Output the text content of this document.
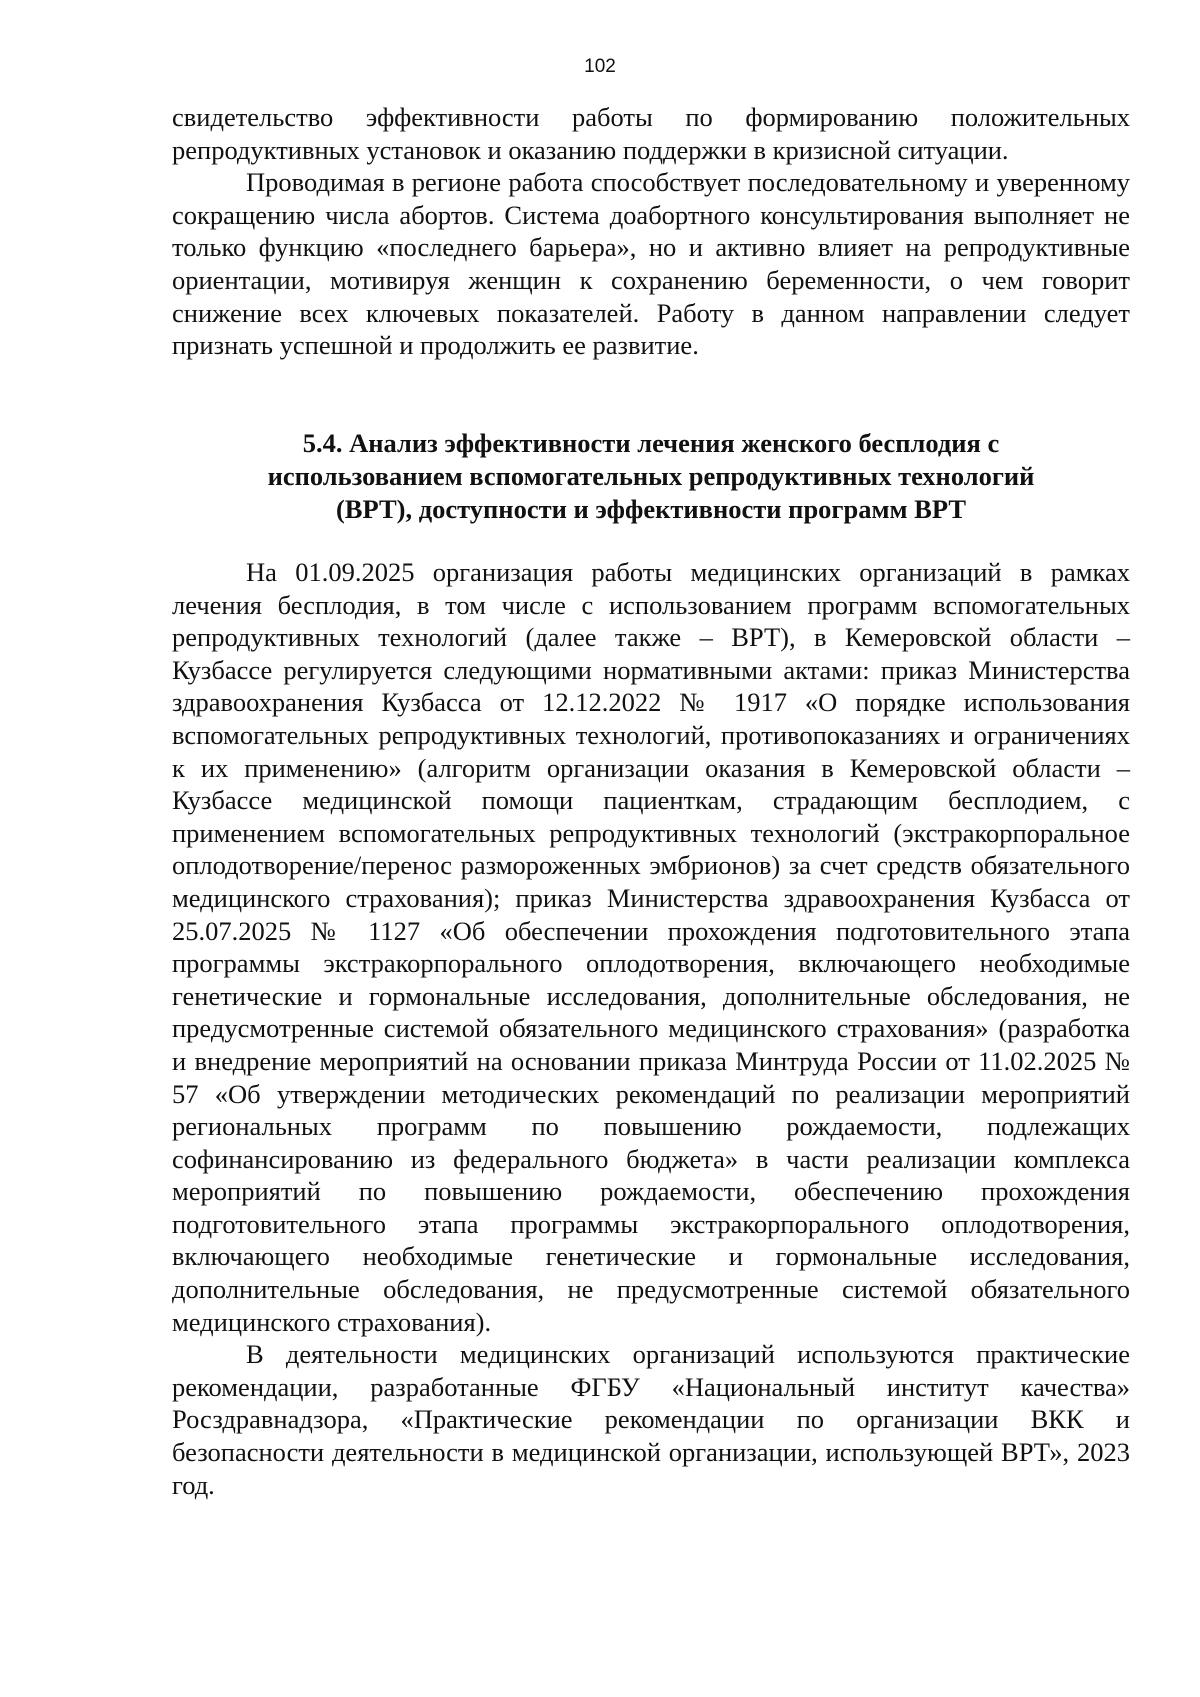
102

свидетельство эффективности работы по формированию положительных репродуктивных установок и оказанию поддержки в кризисной ситуации.

Проводимая в регионе работа способствует последовательному и уверенному сокращению числа абортов. Система доабортного консультирования выполняет не только функцию «последнего барьера», но и активно влияет на репродуктивные ориентации, мотивируя женщин к сохранению беременности, о чем говорит снижение всех ключевых показателей. Работу в данном направлении следует признать успешной и продолжить ее развитие.

5.4. Анализ эффективности лечения женского бесплодия с
использованием вспомогательных репродуктивных технологий
(ВРТ), доступности и эффективности программ ВРТ

На 01.09.2025 организация работы медицинских организаций в рамках лечения бесплодия, в том числе с использованием программ вспомогательных репродуктивных технологий (далее также – ВРТ), в Кемеровской области – Кузбассе регулируется следующими нормативными актами: приказ Министерства здравоохранения Кузбасса от 12.12.2022 № 1917 «О порядке использования вспомогательных репродуктивных технологий, противопоказаниях и ограничениях к их применению» (алгоритм организации оказания в Кемеровской области – Кузбассе медицинской помощи пациенткам, страдающим бесплодием, с применением вспомогательных репродуктивных технологий (экстракорпоральное оплодотворение/перенос размороженных эмбрионов) за счет средств обязательного медицинского страхования); приказ Министерства здравоохранения Кузбасса от 25.07.2025 № 1127 «Об обеспечении прохождения подготовительного этапа программы экстракорпорального оплодотворения, включающего необходимые генетические и гормональные исследования, дополнительные обследования, не предусмотренные системой обязательного медицинского страхования» (разработка и внедрение мероприятий на основании приказа Минтруда России от 11.02.2025 № 57 «Об утверждении методических рекомендаций по реализации мероприятий региональных программ по повышению рождаемости, подлежащих софинансированию из федерального бюджета» в части реализации комплекса мероприятий по повышению рождаемости, обеспечению прохождения подготовительного этапа программы экстракорпорального оплодотворения, включающего необходимые генетические и гормональные исследования, дополнительные обследования, не предусмотренные системой обязательного медицинского страхования).

В деятельности медицинских организаций используются практические рекомендации, разработанные ФГБУ «Национальный институт качества» Росздравнадзора, «Практические рекомендации по организации ВКК и безопасности деятельности в медицинской организации, использующей ВРТ», 2023 год.
